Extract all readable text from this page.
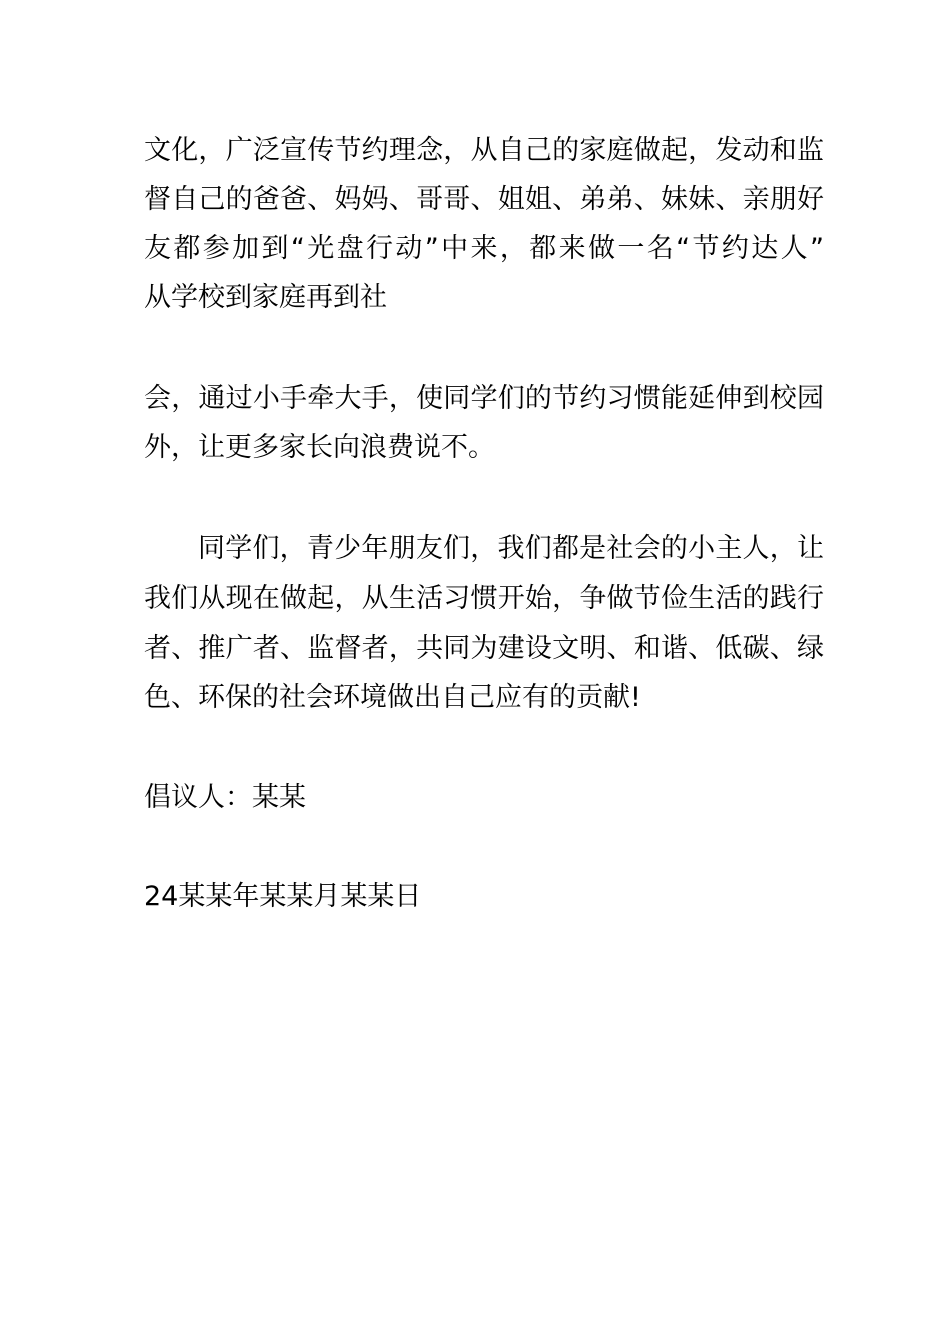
文化，广泛宣传节约理念，从自己的家庭做起，发动和监
督自己的爸爸、妈妈、哥哥、姐姐、弟弟、妹妹、亲朋好
友都参加到“光盘行动”中来，都来做一名“节约达人”
从学校到家庭再到社
会，通过小手牵大手，使同学们的节约习惯能延伸到校园
外，让更多家长向浪费说不。
同学们，青少年朋友们，我们都是社会的小主人，让
我们从现在做起，从生活习惯开始，争做节俭生活的践行
者、推广者、监督者，共同为建设文明、和谐、低碳、绿
色、环保的社会环境做出自己应有的贡献!
倡议人：某某
24某某年某某月某某日
